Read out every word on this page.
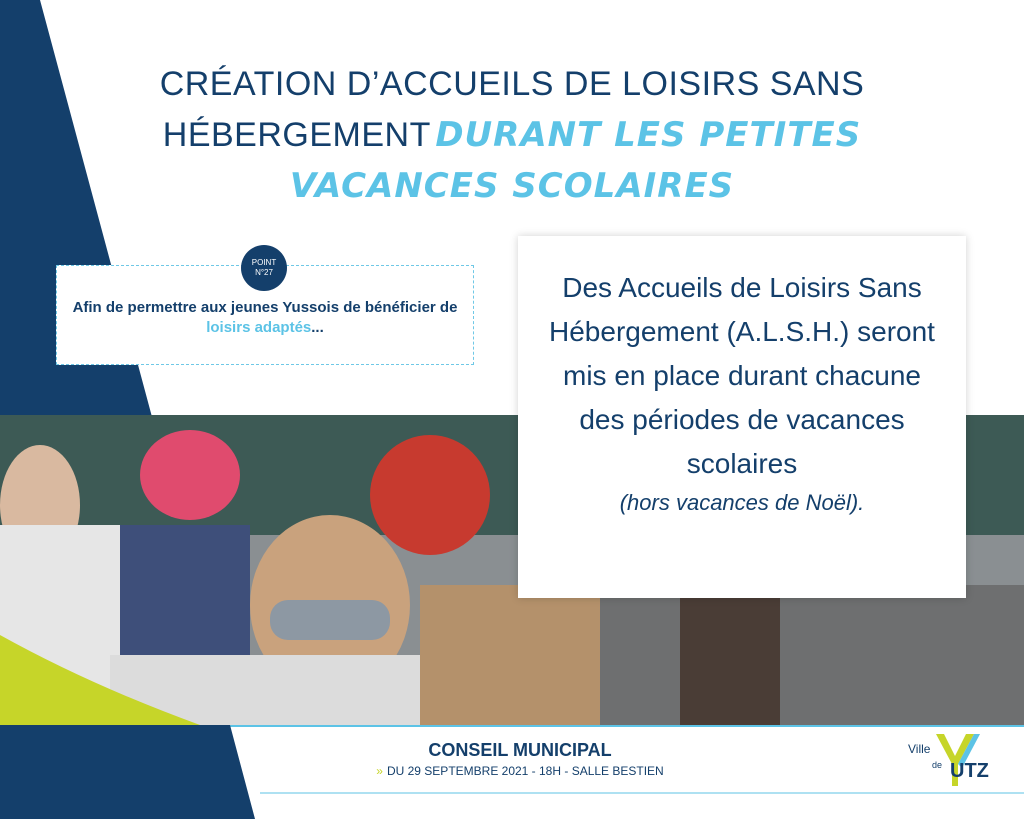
CRÉATION D’ACCUEILS DE LOISIRS SANS HÉBERGEMENT DURANT LES PETITES VACANCES SCOLAIRES
Afin de permettre aux jeunes Yussois de bénéficier de loisirs adaptés...
POINT
N°27	Des Accueils de Loisirs Sans Hébergement (A.L.S.H.) seront mis en place durant chacune des périodes de vacances scolaires
(hors vacances de Noël).
CONSEIL MUNICIPAL
» DU 29 SEPTEMBRE 2021 - 18H - SALLE BESTIEN
Ville
de UTZ
